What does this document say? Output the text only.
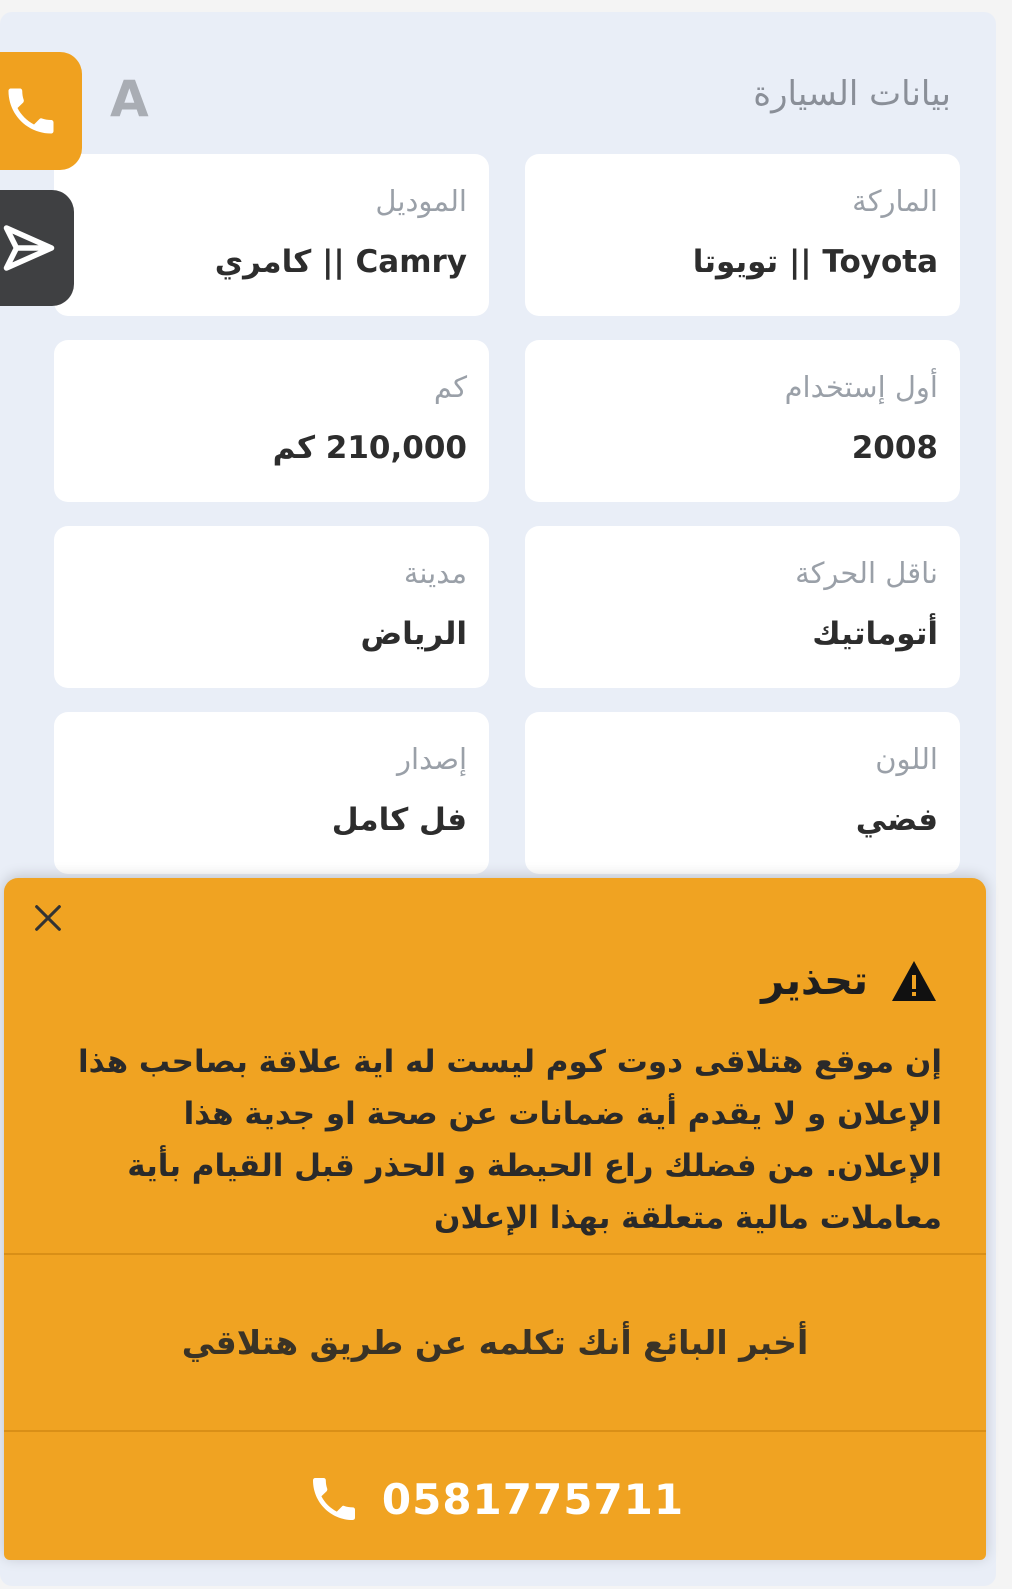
A	بيانات السيارة
الماركة
Toyota || تويوتا
الموديل
Camry || كامري
أول إستخدام
2008
كم
210,000 كم
ناقل الحركة
أتوماتيك
مدينة
الرياض
اللون
فضي
إصدار
فل كامل
تحذير
إن موقع هتلاقى دوت كوم ليست له اية علاقة بصاحب هذا الإعلان و لا يقدم أية ضمانات عن صحة او جدية هذا الإعلان. من فضلك راع الحيطة و الحذر قبل القيام بأية معاملات مالية متعلقة بهذا الإعلان
أخبر البائع أنك تكلمه عن طريق هتلاقي
0581775711
